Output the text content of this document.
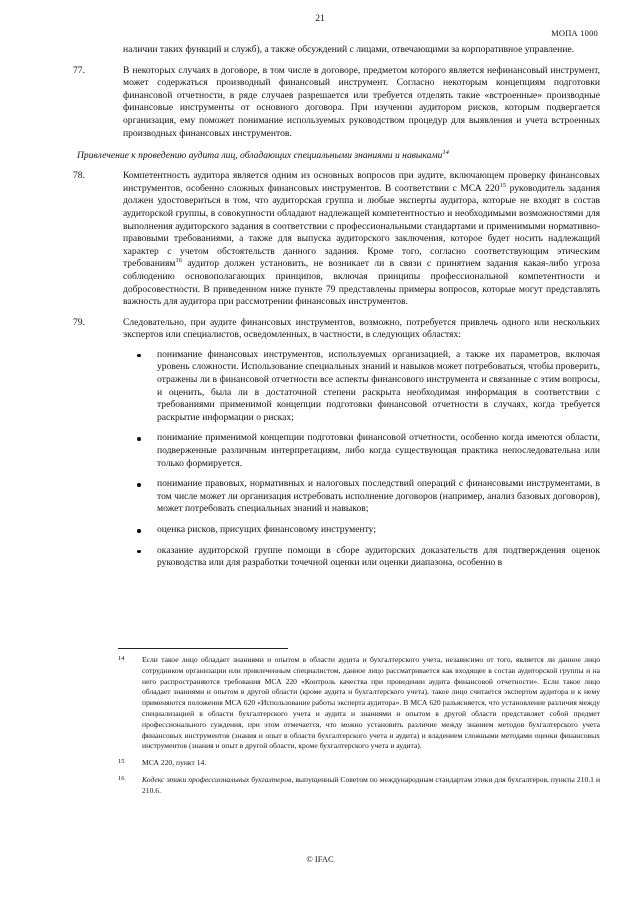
21
МОПА 1000

наличии таких функций и служб), а также обсуждений с лицами, отвечающими за корпоративное управление.

77.	В некоторых случаях в договоре, в том числе в договоре, предметом которого является нефинансовый инструмент, может содержаться производный финансовый инструмент. Согласно некоторым концепциям подготовки финансовой отчетности, в ряде случаев разрешается или требуется отделять такие «встроенные» производные финансовые инструменты от основного договора. При изучении аудитором рисков, которым подвергается организация, ему поможет понимание используемых руководством процедур для выявления и учета встроенных производных финансовых инструментов.

78.	Компетентность аудитора является одним из основных вопросов при аудите, включающем проверку финансовых инструментов, особенно сложных финансовых инструментов. В соответствии с МСА $220^{15}$ руководитель задания должен удостовериться в том, что аудиторская группа и любые эксперты аудитора, которые не входят в состав аудиторской группы, в совокупности обладают надлежащей компетентностью и необходимыми возможностями для выполнения аудиторского задания в соответствии с профессиональными стандартами и применимыми нормативно-правовыми требованиями, а также для выпуска аудиторского заключения, которое будет носить надлежащий характер с учетом обстоятельств данного задания. Кроме того, согласно соответствующим этическим требованиям$^{16}$ аудитор должен установить, не возникает ли в связи с принятием задания какая-либо угроза соблюдению основополагающих принципов, включая принципы профессиональной компетентности и добросовестности. В приведенном ниже пункте 79 представлены примеры вопросов, которые могут представлять важность для аудитора при рассмотрении финансовых инструментов.

79.	Следовательно, при аудите финансовых инструментов, возможно, потребуется привлечь одного или нескольких экспертов или специалистов, осведомленных, в частности, в следующих областях:

понимание финансовых инструментов, используемых организацией, а также их параметров, включая уровень сложности. Использование специальных знаний и навыков может потребоваться, чтобы проверить, отражены ли в финансовой отчетности все аспекты финансового инструмента и связанные с этим вопросы, и оценить, была ли в достаточной степени раскрыта необходимая информация в соответствии с требованиями применимой концепции подготовки финансовой отчетности в случаях, когда требуется раскрытие информации о рисках;

понимание применимой концепции подготовки финансовой отчетности, особенно когда имеются области, подверженные различным интерпретациям, либо когда существующая практика непоследовательна или только формируется.

понимание правовых, нормативных и налоговых последствий операций с финансовыми инструментами, в том числе может ли организация истребовать исполнение договоров (например, анализ базовых договоров), может потребовать специальных знаний и навыков;

оценка рисков, присущих финансовому инструменту;

оказание аудиторской группе помощи в сборе аудиторских доказательств для подтверждения оценок руководства или для разработки точечной оценки или оценки диапазона, особенно в

Привлечение к проведению аудита лиц, обладающих специальными знаниями и навыками$^{14}$
14 Если такое лицо обладает знаниями и опытом в области аудита и бухгалтерского учета, независимо от того, является ли данное лицо сотрудником организации или привлеченным специалистом, данное лицо рассматривается как входящее в состав аудиторской группы и на него распространяются требования МСА 220 «Контроль качества при проведении аудита финансовой отчетности». Если такое лицо обладает знаниями и опытом в другой области (кроме аудита и бухгалтерского учета), такое лицо считается экспертом аудитора и к нему применяются положения МСА 620 «Использование работы эксперта аудитора». В МСА 620 разъясняется, что установление различия между специализацией в области бухгалтерского учета и аудита и знаниями и опытом в другой области представляет собой предмет профессионального суждения, при этом отмечается, что можно установить различие между знанием методов бухгалтерского учета финансовых инструментов (знания и опыт в области бухгалтерского учета и аудита) и владением сложными методами оценки финансовых инструментов (знания и опыт в другой области, кроме бухгалтерского учета и аудита).

15 МСА 220, пункт 14.

16 Кодекс этики профессиональных бухгалтеров, выпущенный Советом по международным стандартам этики для бухгалтеров, пункты 210.1 и 210.6.

© IFAC
